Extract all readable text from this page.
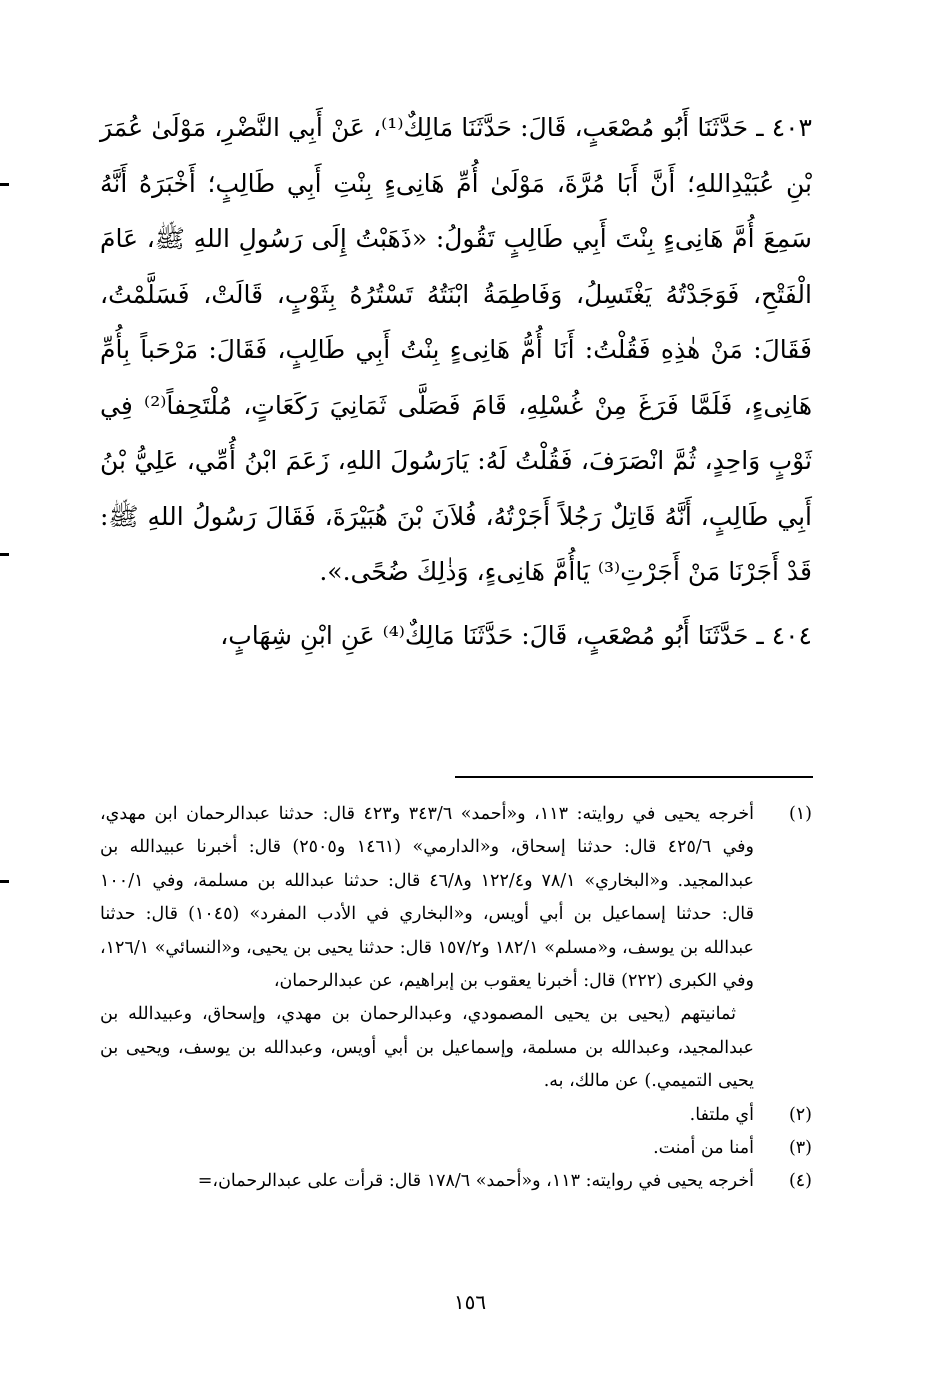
٤٠٣ ـ حَدَّثَنَا أَبُو مُصْعَبٍ، قَالَ: حَدَّثَنَا مَالِكٌ⁽¹⁾، عَنْ أَبِي النَّضْرِ، مَوْلَىٰ عُمَرَ بْنِ عُبَيْدِاللهِ؛ أَنَّ أَبَا مُرَّةَ، مَوْلَىٰ أُمِّ هَانِىءٍ بِنْتِ أَبِي طَالِبٍ؛ أَخْبَرَهُ أَنَّهُ سَمِعَ أُمَّ هَانِىءٍ بِنْتَ أَبِي طَالِبٍ تَقُولُ: «ذَهَبْتُ إِلَى رَسُولِ اللهِ ﷺ، عَامَ الْفَتْحِ، فَوَجَدْتُهُ يَغْتَسِلُ، وَفَاطِمَةُ ابْنَتُهُ تَسْتُرُهُ بِثَوْبٍ، قَالَتْ، فَسَلَّمْتُ، فَقَالَ: مَنْ هٰذِهِ فَقُلْتُ: أَنَا أُمُّ هَانِىءٍ بِنْتُ أَبِي طَالِبٍ، فَقَالَ: مَرْحَباً بِأُمِّ هَانِىءٍ، فَلَمَّا فَرَغَ مِنْ غُسْلِهِ، قَامَ فَصَلَّى ثَمَانِيَ رَكَعَاتٍ، مُلْتَحِفاً⁽²⁾ فِي ثَوْبٍ وَاحِدٍ، ثُمَّ انْصَرَفَ، فَقُلْتُ لَهُ: يَارَسُولَ اللهِ، زَعَمَ ابْنُ أُمِّي، عَلِيُّ بْنُ أَبِي طَالِبٍ، أَنَّهُ قَاتِلٌ رَجُلاً أَجَرْتُهُ، فُلاَنَ بْنَ هُبَيْرَةَ، فَقَالَ رَسُولُ اللهِ ﷺ: قَدْ أَجَرْنَا مَنْ أَجَرْتِ⁽³⁾ يَاأُمَّ هَانِىءٍ، وَذٰلِكَ ضُحًى.».

٤٠٤ ـ حَدَّثَنَا أَبُو مُصْعَبٍ، قَالَ: حَدَّثَنَا مَالِكٌ⁽⁴⁾ عَنِ ابْنِ شِهَابٍ،

(١)

أخرجه يحيى في روايته: ١١٣، و«أحمد» ٣٤٣/٦ و٤٢٣ قال: حدثنا عبدالرحمان ابن مهدي، وفي ٤٢٥/٦ قال: حدثنا إسحاق، و«الدارمي» (١٤٦١ و٢٥٠٥) قال: أخبرنا عبيدالله بن عبدالمجيد. و«البخاري» ٧٨/١ و١٢٢/٤ و٤٦/٨ قال: حدثنا عبدالله بن مسلمة، وفي ١٠٠/١ قال: حدثنا إسماعيل بن أبي أويس، و«البخاري في الأدب المفرد» (١٠٤٥) قال: حدثنا عبدالله بن يوسف، و«مسلم» ١٨٢/١ و١٥٧/٢ قال: حدثنا يحيى بن يحيى، و«النسائي» ١٢٦/١، وفي الكبرى (٢٢٢) قال: أخبرنا يعقوب بن إبراهيم، عن عبدالرحمان،

ثمانيتهم (يحيى بن يحيى المصمودي، وعبدالرحمان بن مهدي، وإسحاق، وعبيدالله بن عبدالمجيد، وعبدالله بن مسلمة، وإسماعيل بن أبي أويس، وعبدالله بن يوسف، ويحيى بن يحيى التميمي.) عن مالك، به.

(٢)

أي ملتفا.

(٣)

أمنا من أمنت.

(٤)

أخرجه يحيى في روايته: ١١٣، و«أحمد» ١٧٨/٦ قال: قرأت على عبدالرحمان،=

١٥٦
